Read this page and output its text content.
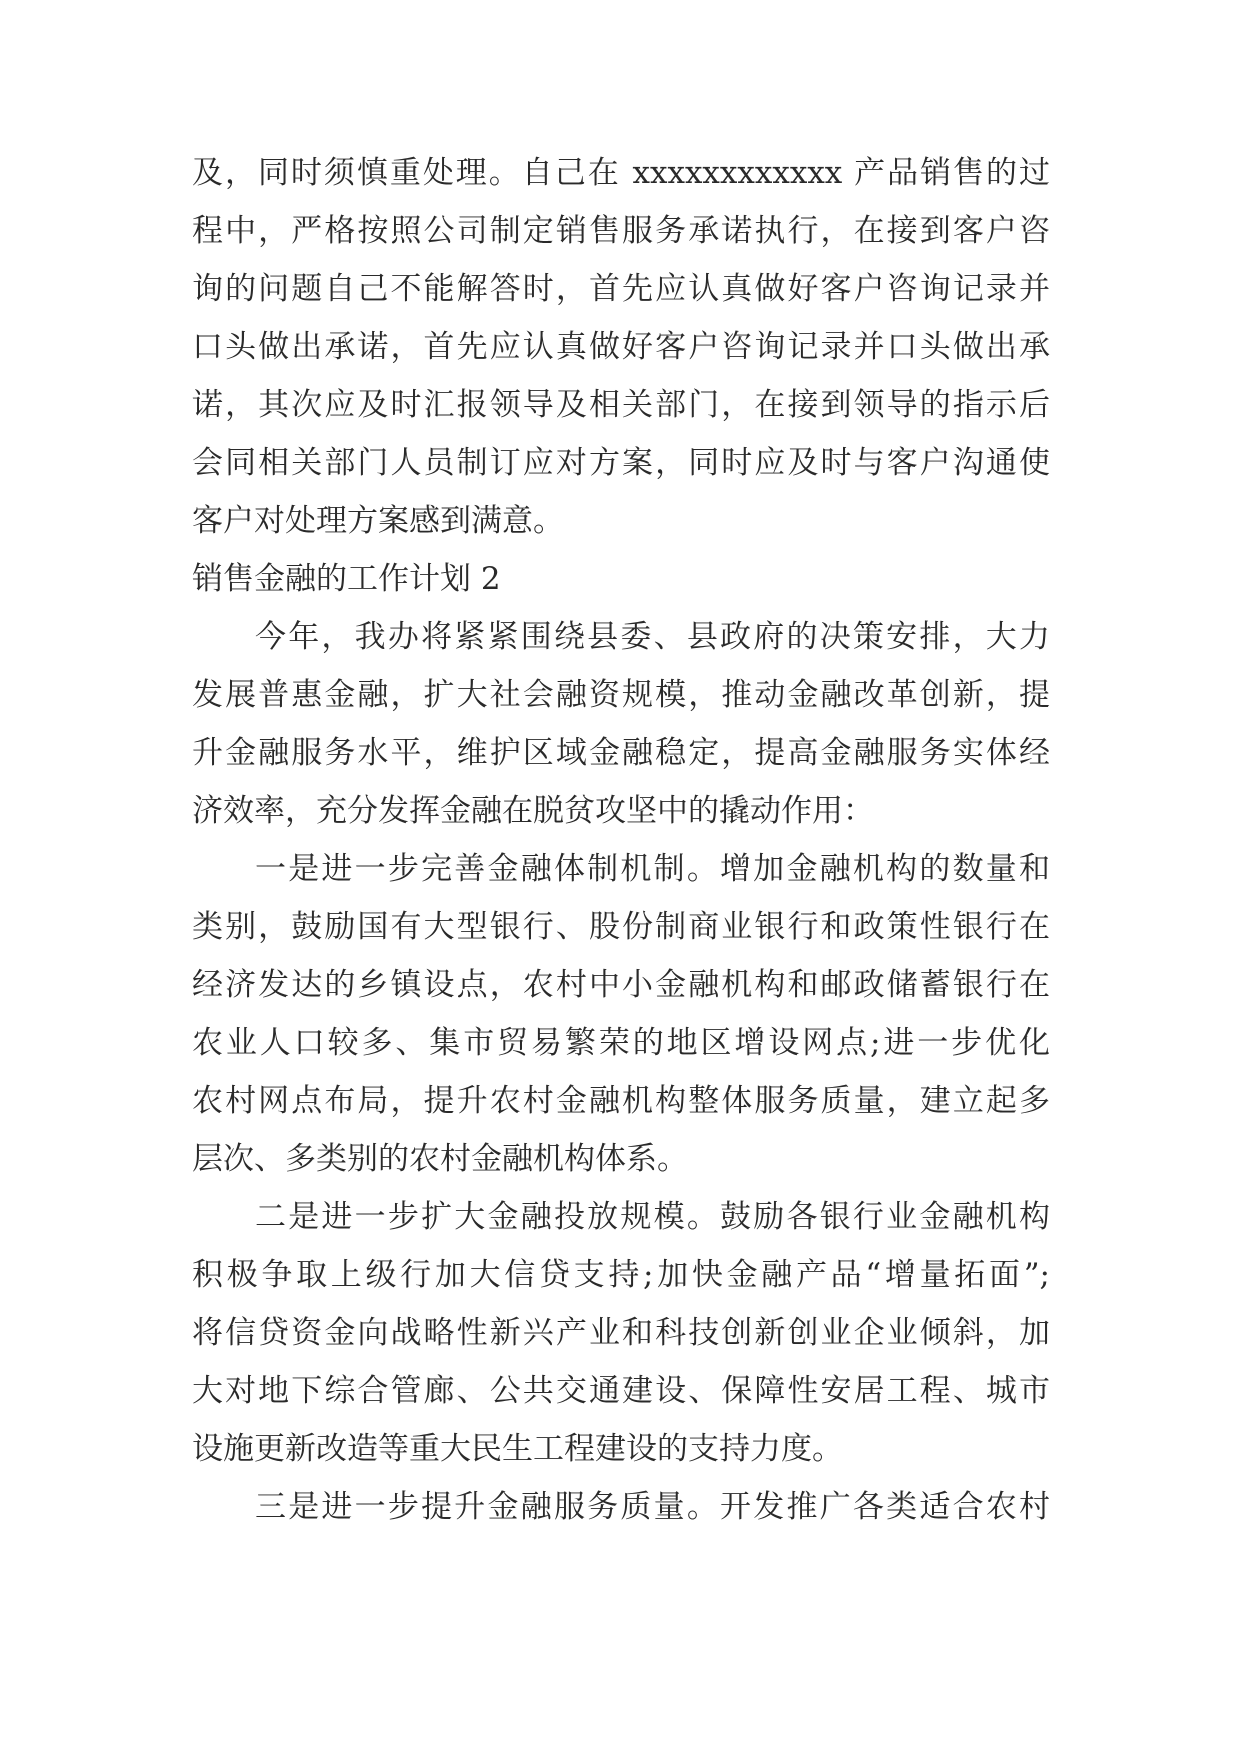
及，同时须慎重处理。自己在 xxxxxxxxxxxx 产品销售的过
程中，严格按照公司制定销售服务承诺执行，在接到客户咨
询的问题自己不能解答时，首先应认真做好客户咨询记录并
口头做出承诺，首先应认真做好客户咨询记录并口头做出承
诺，其次应及时汇报领导及相关部门，在接到领导的指示后
会同相关部门人员制订应对方案，同时应及时与客户沟通使
客户对处理方案感到满意。
销售金融的工作计划 2
今年，我办将紧紧围绕县委、县政府的决策安排，大力
发展普惠金融，扩大社会融资规模，推动金融改革创新，提
升金融服务水平，维护区域金融稳定，提高金融服务实体经
济效率，充分发挥金融在脱贫攻坚中的撬动作用：
一是进一步完善金融体制机制。增加金融机构的数量和
类别，鼓励国有大型银行、股份制商业银行和政策性银行在
经济发达的乡镇设点，农村中小金融机构和邮政储蓄银行在
农业人口较多、集市贸易繁荣的地区增设网点;进一步优化
农村网点布局，提升农村金融机构整体服务质量，建立起多
层次、多类别的农村金融机构体系。
二是进一步扩大金融投放规模。鼓励各银行业金融机构
积极争取上级行加大信贷支持;加快金融产品“增量拓面”;
将信贷资金向战略性新兴产业和科技创新创业企业倾斜，加
大对地下综合管廊、公共交通建设、保障性安居工程、城市
设施更新改造等重大民生工程建设的支持力度。
三是进一步提升金融服务质量。开发推广各类适合农村
